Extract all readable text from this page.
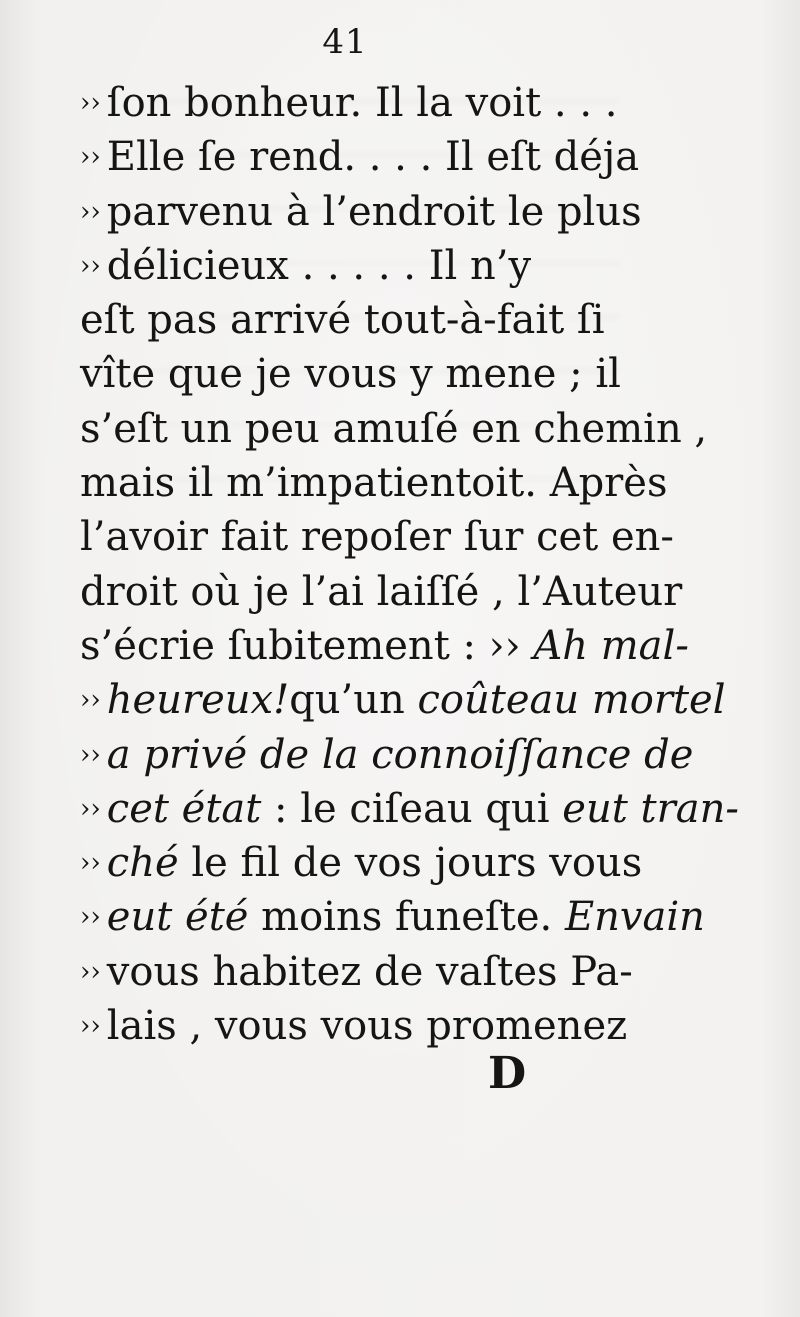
41
›› ſon bonheur. Il la voit . . .
›› Elle ſe rend. . . . Il eſt déja
›› parvenu à l’endroit le plus
›› délicieux . . . . . Il n’y
eſt pas arrivé tout-à-fait ſi
vîte que je vous y mene ; il
s’eſt un peu amuſé en chemin ,
mais il m’impatientoit. Après
l’avoir fait repoſer ſur cet en-
droit où je l’ai laiſſé , l’Auteur
s’écrie ſubitement : ›› Ah mal-
›› heureux!qu’un coûteau mortel
›› a privé de la connoiſſance de
›› cet état : le ciſeau qui eut tran-
›› ché le fil de vos jours vous
›› eut été moins funeſte. Envain
›› vous habitez de vaſtes Pa-
›› lais , vous vous promenez
D
